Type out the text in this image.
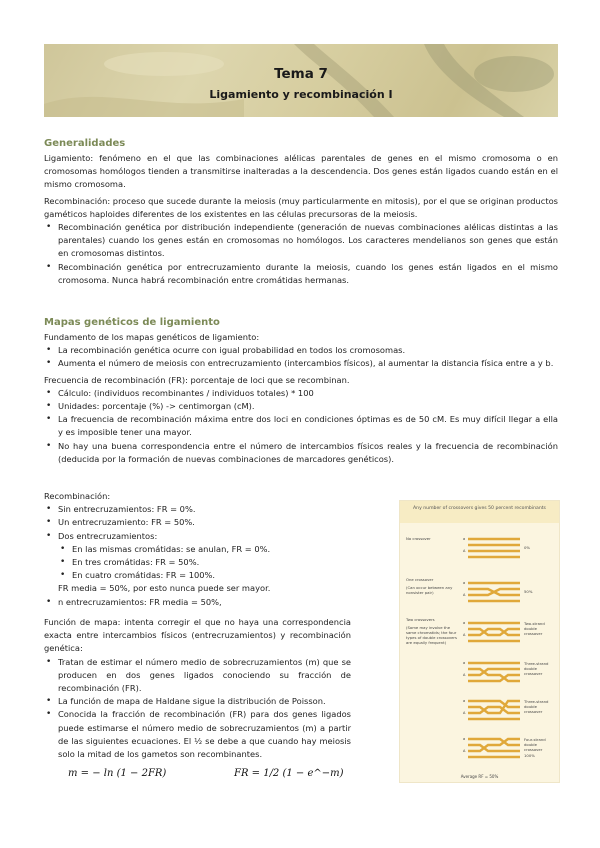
Tema 7
Ligamiento y recombinación I
Generalidades
Ligamiento: fenómeno en el que las combinaciones alélicas parentales de genes en el mismo cromosoma o en cromosomas homólogos tienden a transmitirse inalteradas a la descendencia. Dos genes están ligados cuando están en el mismo cromosoma.
Recombinación: proceso que sucede durante la meiosis (muy particularmente en mitosis), por el que se originan productos gaméticos haploides diferentes de los existentes en las células precursoras de la meiosis.
• Recombinación genética por distribución independiente (generación de nuevas combinaciones alélicas distintas a las parentales) cuando los genes están en cromosomas no homólogos. Los caracteres mendelianos son genes que están en cromosomas distintos.
• Recombinación genética por entrecruzamiento durante la meiosis, cuando los genes están ligados en el mismo cromosoma. Nunca habrá recombinación entre cromátidas hermanas.
Mapas genéticos de ligamiento
Fundamento de los mapas genéticos de ligamiento:
• La recombinación genética ocurre con igual probabilidad en todos los cromosomas.
• Aumenta el número de meiosis con entrecruzamiento (intercambios físicos), al aumentar la distancia física entre a y b.
Frecuencia de recombinación (FR): porcentaje de loci que se recombinan.
• Cálculo: (individuos recombinantes / individuos totales) * 100
• Unidades: porcentaje (%) -> centimorgan (cM).
• La frecuencia de recombinación máxima entre dos loci en condiciones óptimas es de 50 cM. Es muy difícil llegar a ella y es imposible tener una mayor.
• No hay una buena correspondencia entre el número de intercambios físicos reales y la frecuencia de recombinación (deducida por la formación de nuevas combinaciones de marcadores genéticos).
Recombinación:
• Sin entrecruzamientos: FR = 0%.
• Un entrecruzamiento: FR = 50%.
• Dos entrecruzamientos:
• En las mismas cromátidas: se anulan, FR = 0%.
• En tres cromátidas: FR = 50%.
• En cuatro cromátidas: FR = 100%.
FR media = 50%, por esto nunca puede ser mayor.
• n entrecruzamientos: FR media = 50%,
Función de mapa: intenta corregir el que no haya una correspondencia exacta entre intercambios físicos (entrecruzamientos) y recombinación genética:
• Tratan de estimar el número medio de sobrecruzamientos (m) que se producen en dos genes ligados conociendo su fracción de recombinación (FR).
• La función de mapa de Haldane sigue la distribución de Poisson.
• Conocida la fracción de recombinación (FR) para dos genes ligados puede estimarse el número medio de sobrecruzamientos (m) a partir de las siguientes ecuaciones. El ½ se debe a que cuando hay meiosis solo la mitad de los gametos son recombinantes.
m = − ln (1 − 2FR)	FR = 1/2 (1 − e^−m)
Any number of crossovers gives 50 percent recombinants
a
A
a
A
a
A
a
A
a
A
a
A
No crossover
0%
One crossover
(Can occur between any nonsister pair)	50%
Two crossovers
(Some may involve the same chromatids; the four types of double crossovers are equally frequent)
Two-strand double crossover
Three-strand double crossover
Three-strand double crossover
Four-strand double crossover
100%
Average RF = 50%
